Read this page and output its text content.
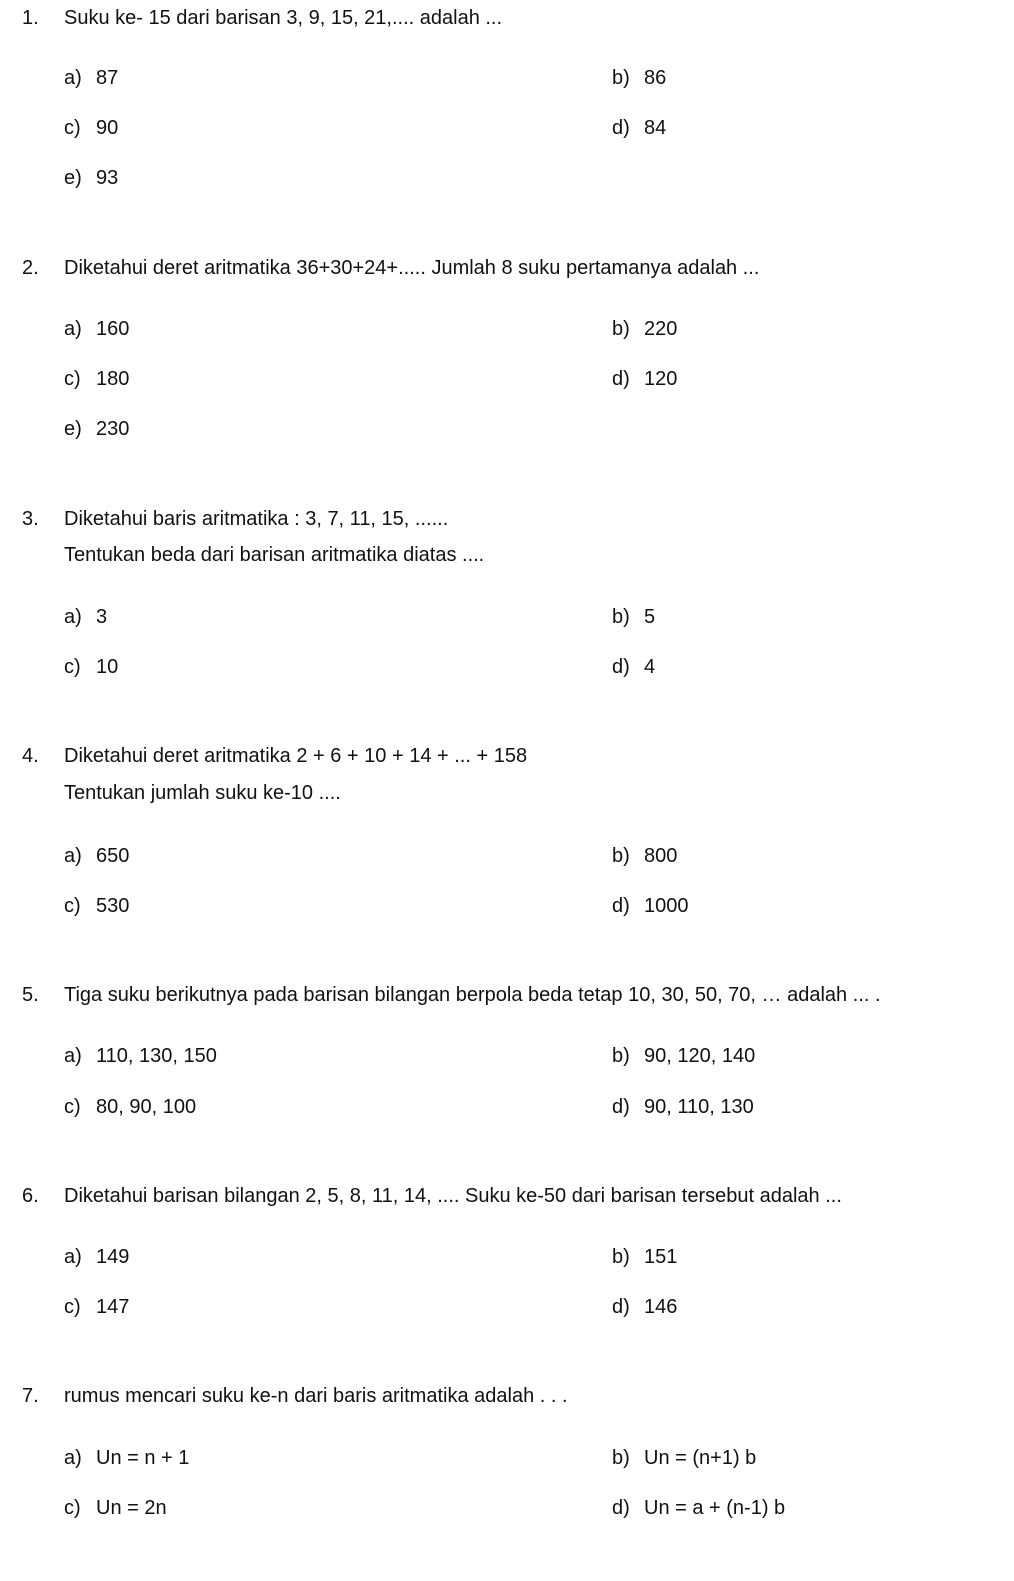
1.	Suku ke- 15 dari barisan 3, 9, 15, 21,.... adalah ...
a) 87	b) 86
c) 90	d) 84
e) 93
2.	Diketahui deret aritmatika 36+30+24+..... Jumlah 8 suku pertamanya adalah ...
a) 160	b) 220
c) 180	d) 120
e) 230
3.	Diketahui baris aritmatika : 3, 7, 11, 15, ......
Tentukan beda dari barisan aritmatika diatas ....
a) 3	b) 5
c) 10	d) 4
4.	Diketahui deret aritmatika 2 + 6 + 10 + 14 + ... + 158
Tentukan jumlah suku ke-10 ....
a) 650	b) 800
c) 530	d) 1000
5.	Tiga suku berikutnya pada barisan bilangan berpola beda tetap 10, 30, 50, 70, … adalah ... .
a) 110, 130, 150	b) 90, 120, 140
c) 80, 90, 100	d) 90, 110, 130
6.	Diketahui barisan bilangan 2, 5, 8, 11, 14, .... Suku ke-50 dari barisan tersebut adalah ...
a) 149	b) 151
c) 147	d) 146
7.	rumus mencari suku ke-n dari baris aritmatika adalah . . .
a) Un = n + 1	b) Un = (n+1) b
c) Un = 2n	d) Un = a + (n-1) b
